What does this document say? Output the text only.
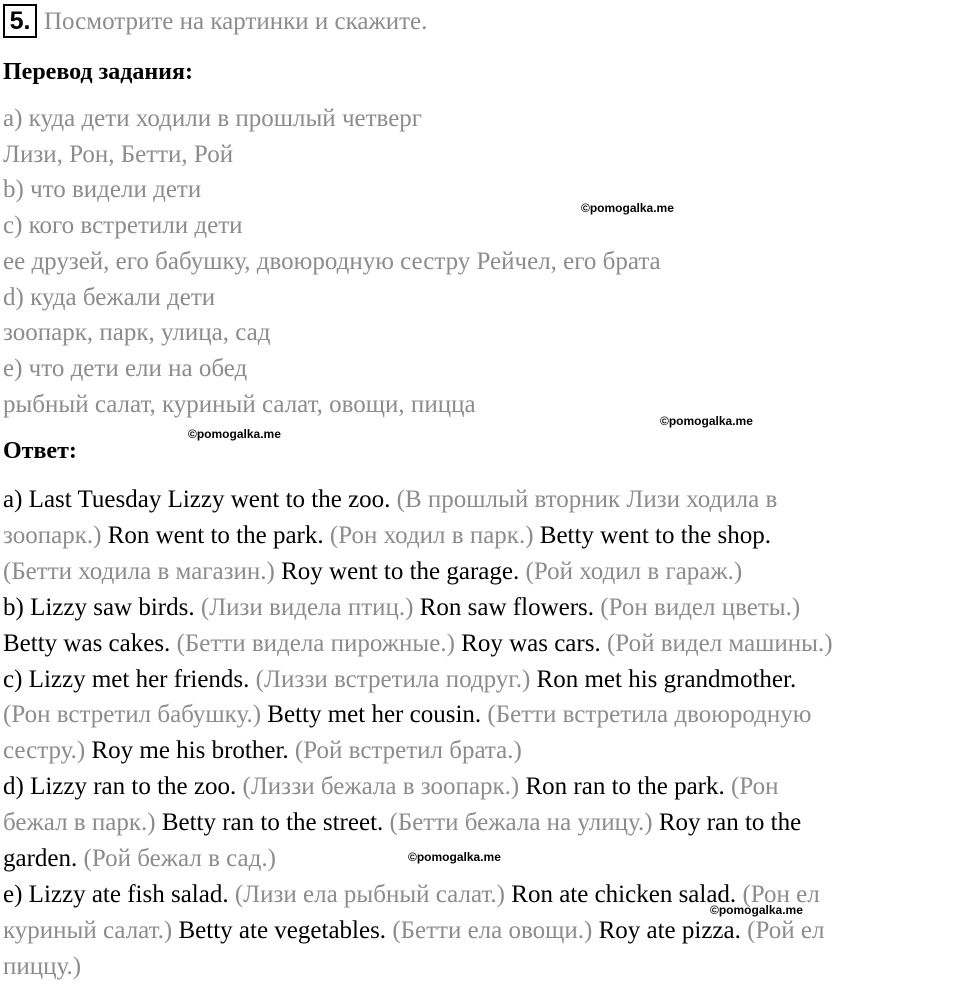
5. Посмотрите на картинки и скажите.
Перевод задания:
a) куда дети ходили в прошлый четверг
Лизи, Рон, Бетти, Рой
b) что видели дети
c) кого встретили дети
ее друзей, его бабушку, двоюродную сестру Рейчел, его брата
d) куда бежали дети
зоопарк, парк, улица, сад
e) что дети ели на обед
рыбный салат, куриный салат, овощи, пицца
Ответ:
a) Last Tuesday Lizzy went to the zoo. (В прошлый вторник Лизи ходила в
зоопарк.) Ron went to the park. (Рон ходил в парк.) Betty went to the shop.
(Бетти ходила в магазин.) Roy went to the garage. (Рой ходил в гараж.)
b) Lizzy saw birds. (Лизи видела птиц.) Ron saw flowers. (Рон видел цветы.)
Betty was cakes. (Бетти видела пирожные.) Roy was cars. (Рой видел машины.)
c) Lizzy met her friends. (Лиззи встретила подруг.) Ron met his grandmother.
(Рон встретил бабушку.) Betty met her cousin. (Бетти встретила двоюродную
сестру.) Roy me his brother. (Рой встретил брата.)
d) Lizzy ran to the zoo. (Лиззи бежала в зоопарк.) Ron ran to the park. (Рон
бежал в парк.) Betty ran to the street. (Бетти бежала на улицу.) Roy ran to the
garden. (Рой бежал в сад.)
e) Lizzy ate fish salad. (Лизи ела рыбный салат.) Ron ate chicken salad. (Рон ел
куриный салат.) Betty ate vegetables. (Бетти ела овощи.) Roy ate pizza. (Рой ел
пиццу.)
©pomogalka.me
©pomogalka.me
©pomogalka.me
©pomogalka.me
©pomogalka.me
